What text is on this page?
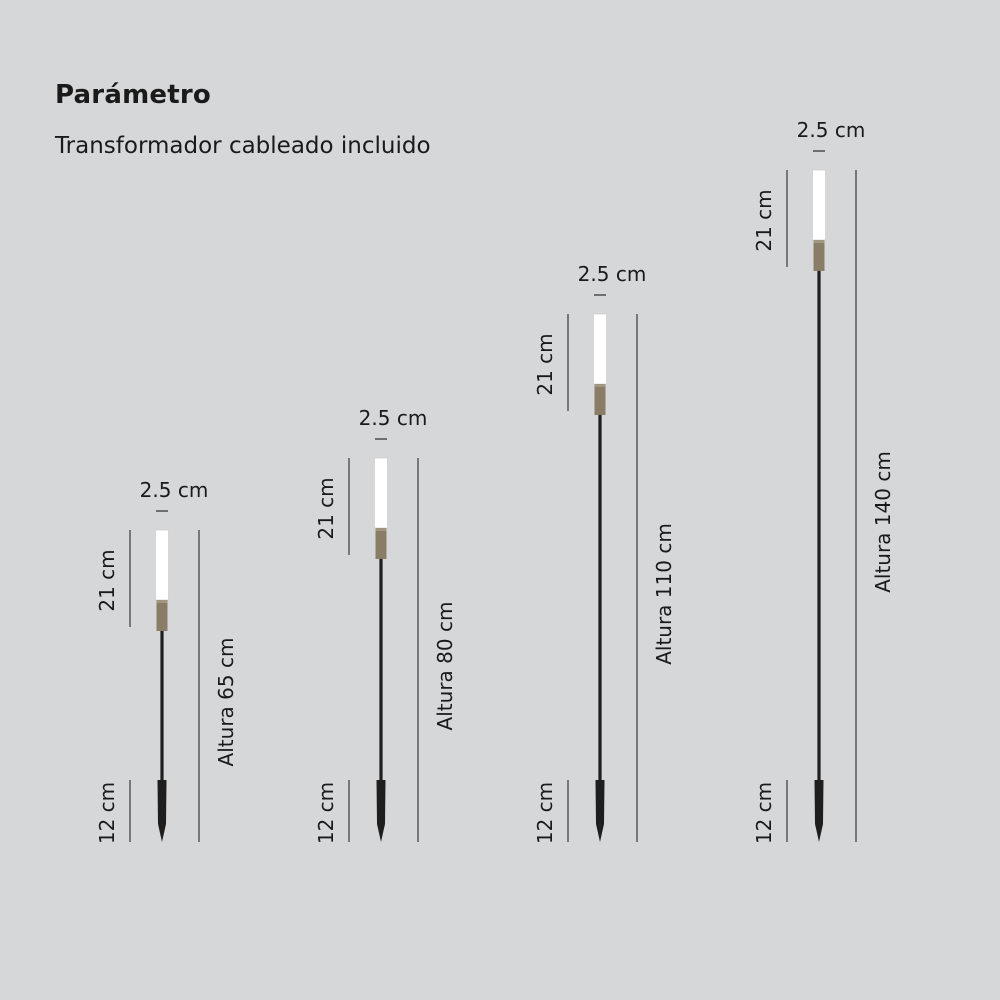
Parámetro
Transformador cableado incluido
2.5 cm
21 cm
12 cm
Altura 65 cm
2.5 cm
21 cm
12 cm
Altura 80 cm
2.5 cm
21 cm
12 cm
Altura 110 cm
2.5 cm
21 cm
12 cm
Altura 140 cm
